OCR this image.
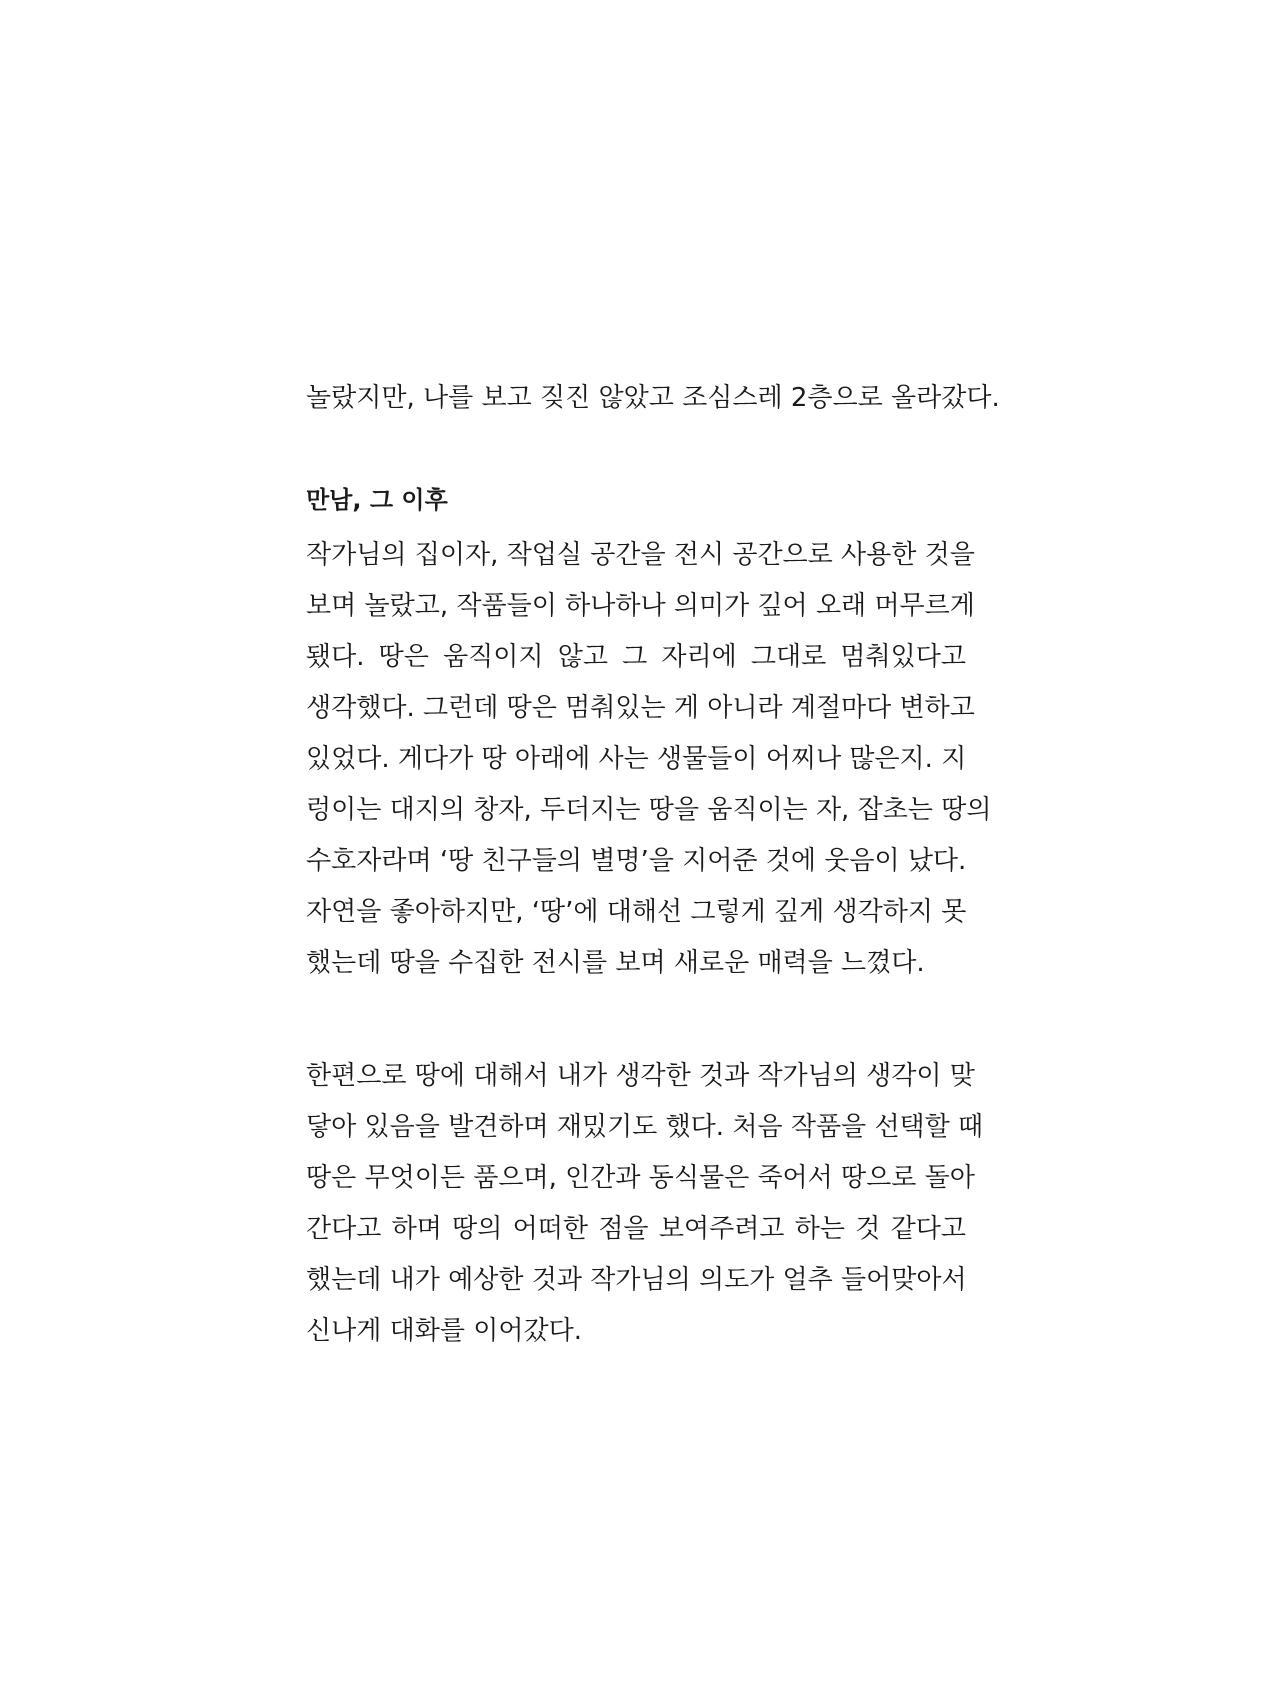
놀랐지만, 나를 보고 짖진 않았고 조심스레 2층으로 올라갔다.

만남, 그 이후

작가님의 집이자, 작업실 공간을 전시 공간으로 사용한 것을

보며 놀랐고, 작품들이 하나하나 의미가 깊어 오래 머무르게

됐다. 땅은 움직이지 않고 그 자리에 그대로 멈춰있다고

생각했다. 그런데 땅은 멈춰있는 게 아니라 계절마다 변하고

있었다. 게다가 땅 아래에 사는 생물들이 어찌나 많은지. 지

렁이는 대지의 창자, 두더지는 땅을 움직이는 자, 잡초는 땅의

수호자라며 ‘땅 친구들의 별명’을 지어준 것에 웃음이 났다.

자연을 좋아하지만, ‘땅’에 대해선 그렇게 깊게 생각하지 못

했는데 땅을 수집한 전시를 보며 새로운 매력을 느꼈다.

한편으로 땅에 대해서 내가 생각한 것과 작가님의 생각이 맞

닿아 있음을 발견하며 재밌기도 했다. 처음 작품을 선택할 때

땅은 무엇이든 품으며, 인간과 동식물은 죽어서 땅으로 돌아

간다고 하며 땅의 어떠한 점을 보여주려고 하는 것 같다고

했는데 내가 예상한 것과 작가님의 의도가 얼추 들어맞아서

신나게 대화를 이어갔다.
